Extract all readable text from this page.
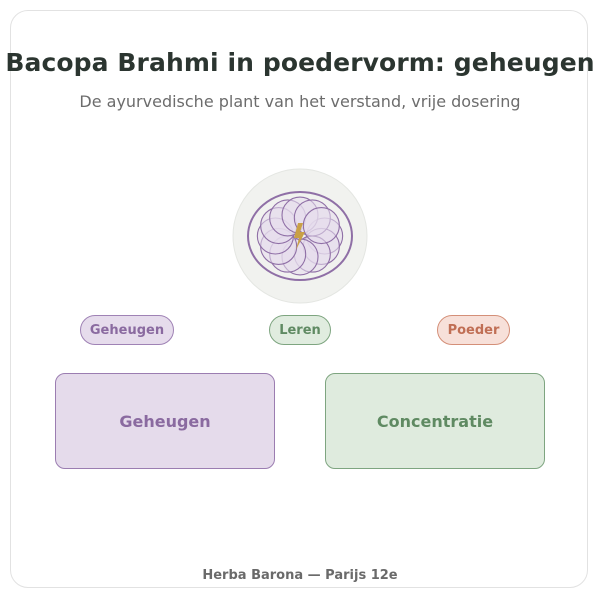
Bacopa Brahmi in poedervorm: geheugen
De ayurvedische plant van het verstand, vrije dosering
Geheugen	Leren	Poeder
Geheugen	Concentratie
Herba Barona — Parijs 12e
